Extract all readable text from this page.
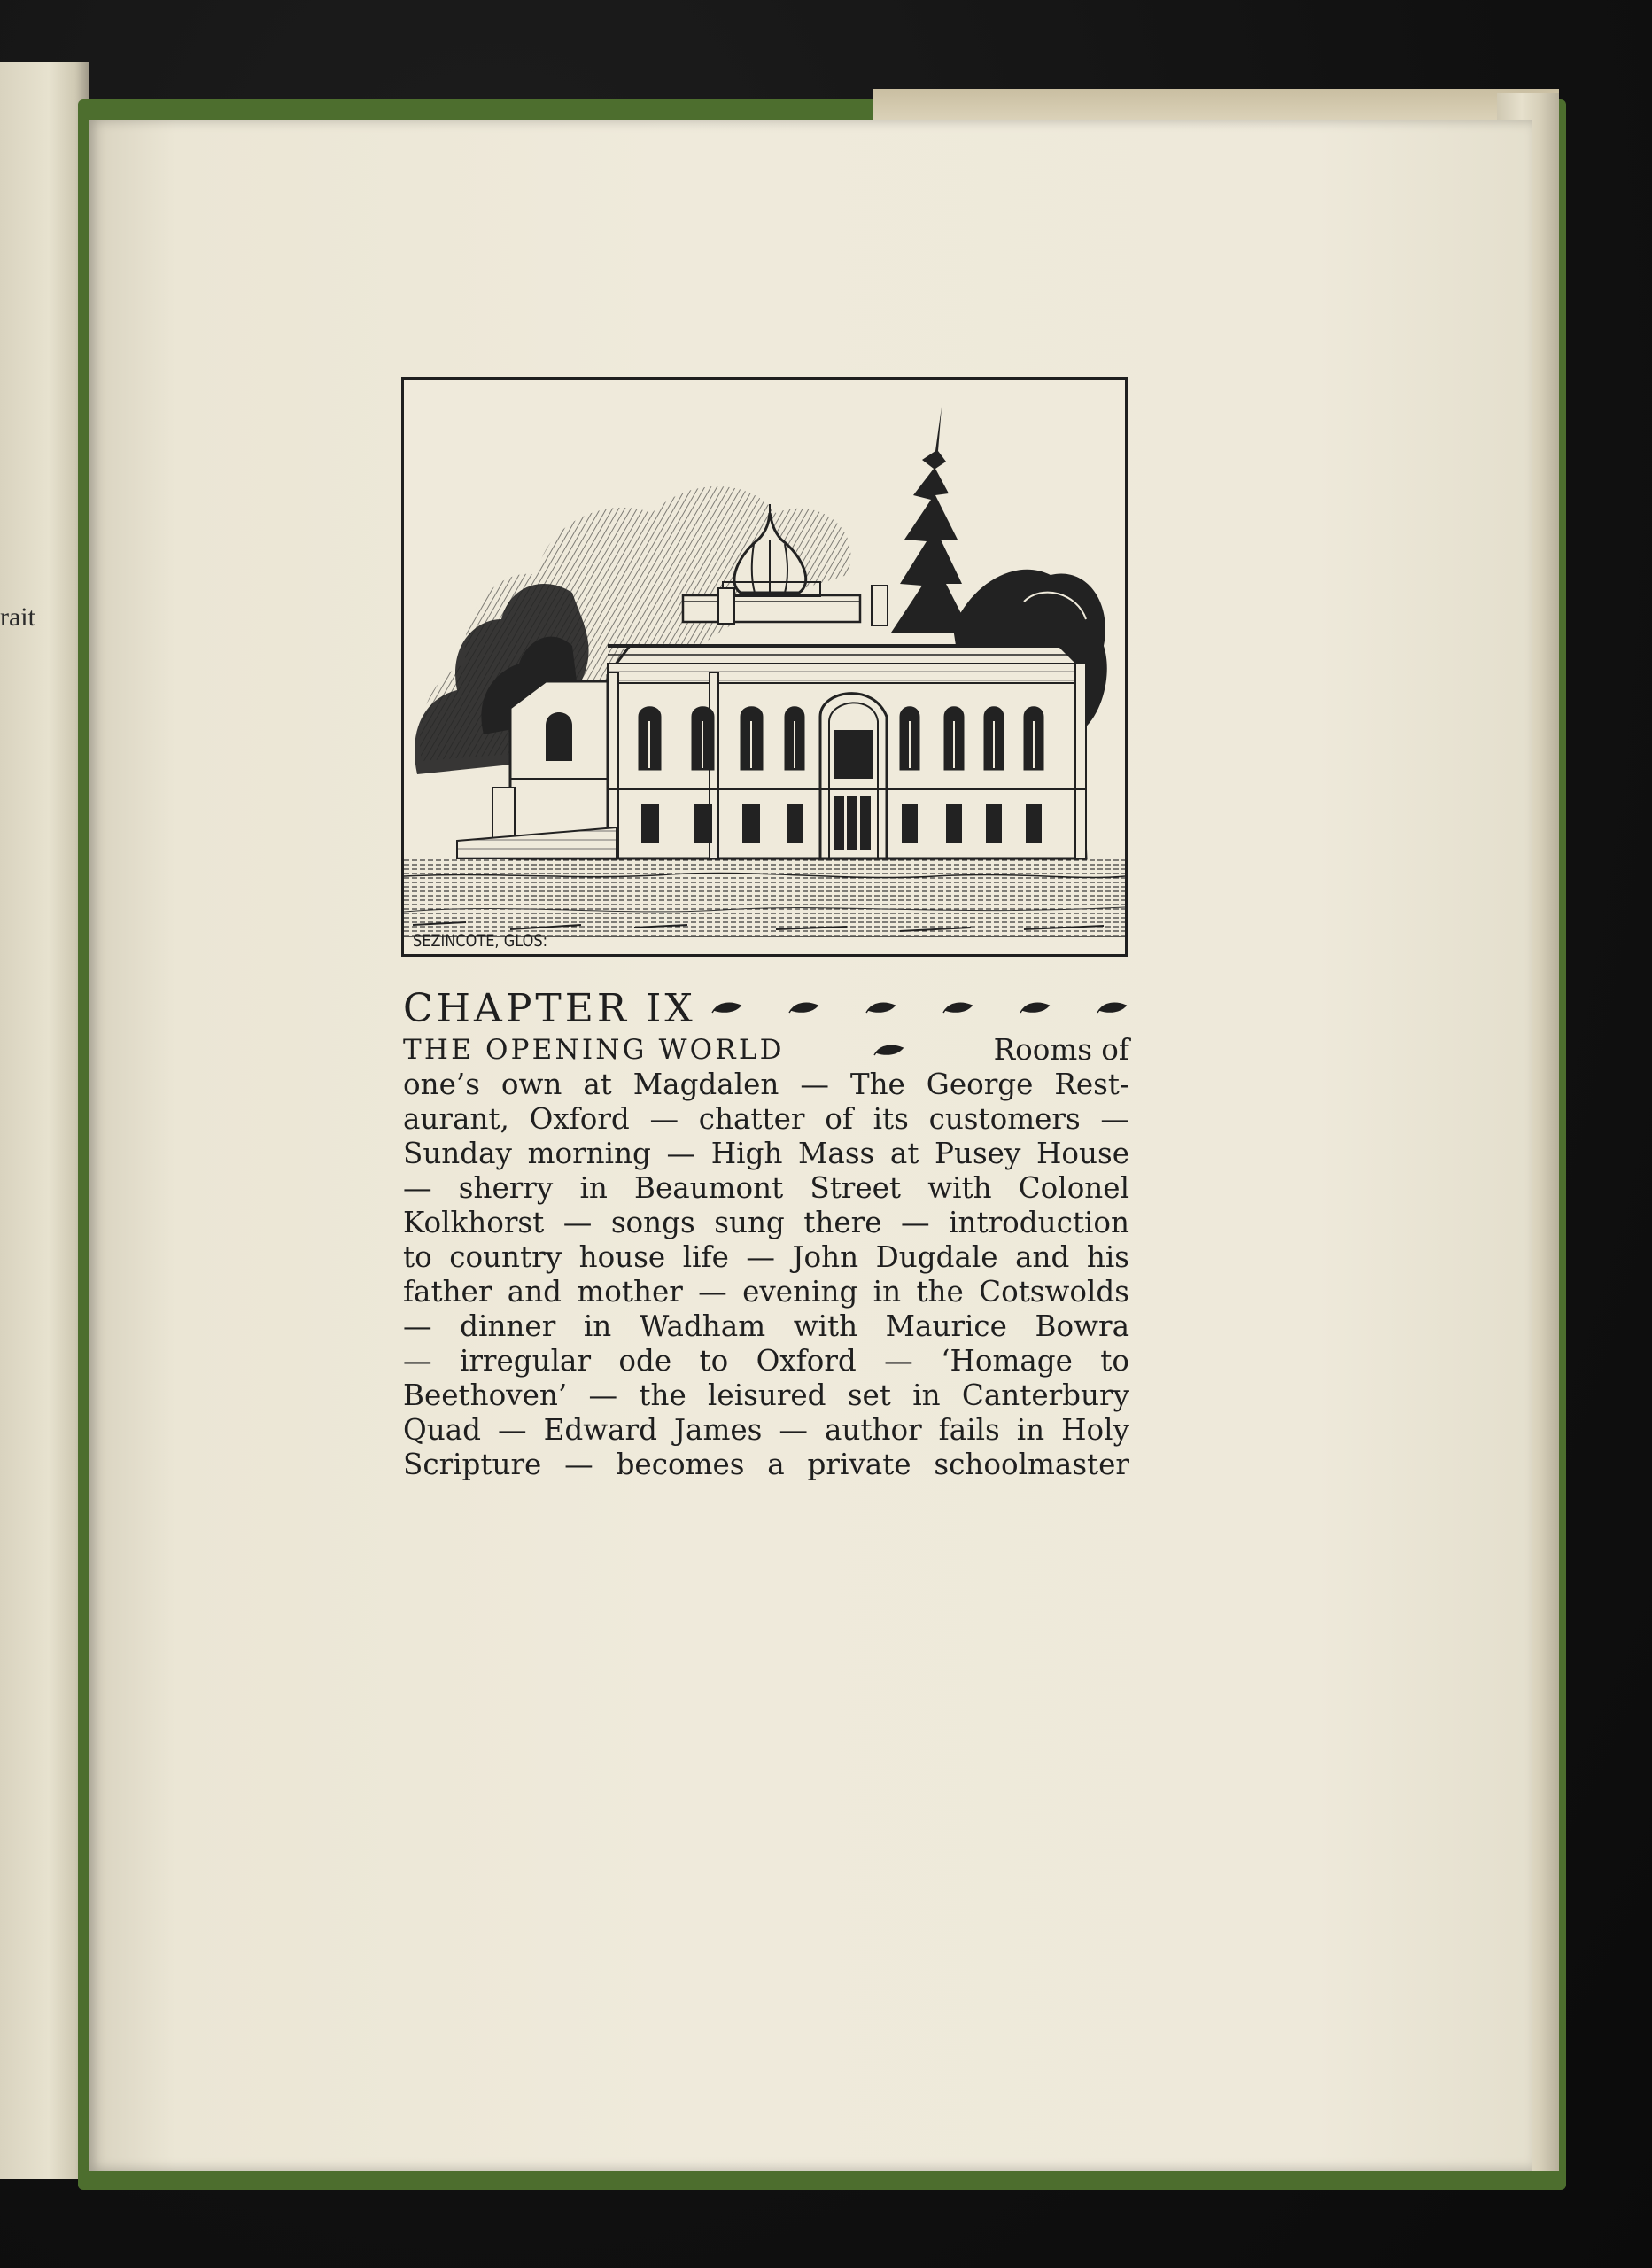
rait
SEZINCOTE, GLOS:
CHAPTER IX
THE OPENING WORLD	Rooms of
one’s own at Magdalen — The George Rest-
aurant, Oxford — chatter of its customers —
Sunday morning — High Mass at Pusey House
— sherry in Beaumont Street with Colonel
Kolkhorst — songs sung there — introduction
to country house life — John Dugdale and his
father and mother — evening in the Cotswolds
— dinner in Wadham with Maurice Bowra
— irregular ode to Oxford — ‘Homage to
Beethoven’ — the leisured set in Canterbury
Quad — Edward James — author fails in Holy
Scripture — becomes a private schoolmaster
